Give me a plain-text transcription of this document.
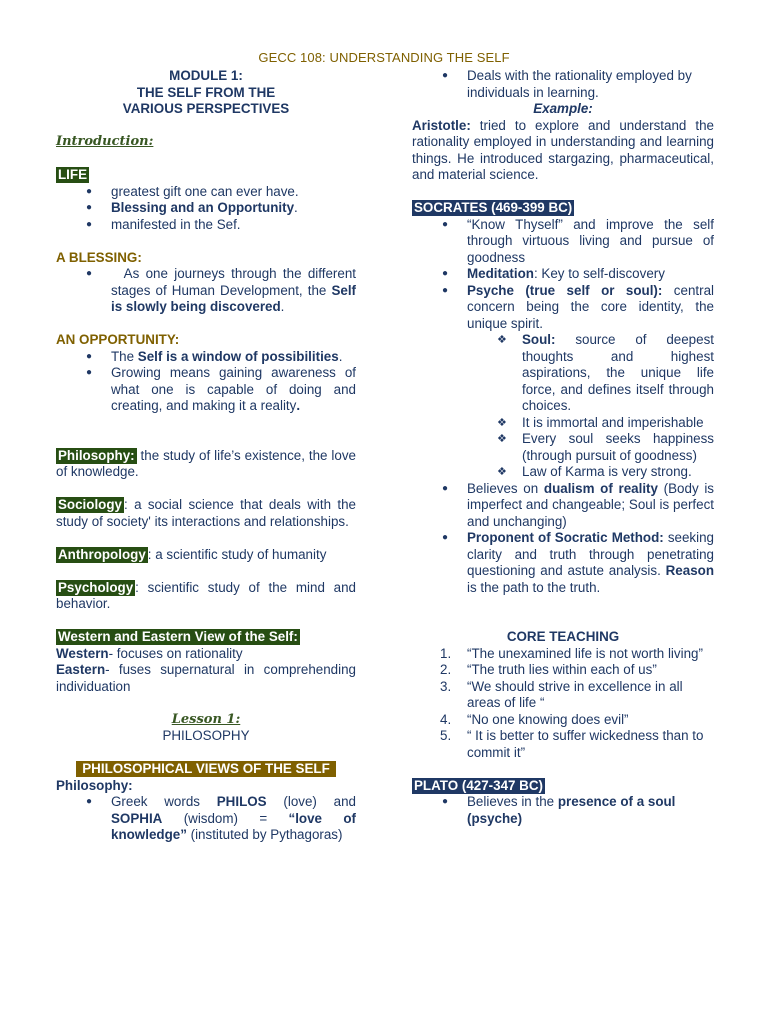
GECC 108: UNDERSTANDING THE SELF
MODULE 1:
THE SELF FROM THE VARIOUS PERSPECTIVES
Introduction:
LIFE
● greatest gift one can ever have.
● Blessing and an Opportunity.
● manifested in the Sef.
A BLESSING:
● As one journeys through the different stages of Human Development, the Self is slowly being discovered.
AN OPPORTUNITY:
● The Self is a window of possibilities.
● Growing means gaining awareness of what one is capable of doing and creating, and making it a reality.
Philosophy: the study of life’s existence, the love of knowledge.
Sociology : a social science that deals with the study of society' its interactions and relationships.
Anthropology : a scientific study of humanity
Psychology : scientific study of the mind and behavior.
Western and Eastern View of the Self:
Western- focuses on rationality
Eastern- fuses supernatural in comprehending individuation
Lesson 1:
PHILOSOPHY
PHILOSOPHICAL VIEWS OF THE SELF
Philosophy:
● Greek words PHILOS (love) and SOPHIA (wisdom) = “love of knowledge” (instituted by Pythagoras)
● Deals with the rationality employed by individuals in learning.
Example:
Aristotle: tried to explore and understand the rationality employed in understanding and learning things. He introduced stargazing, pharmaceutical, and material science.
SOCRATES (469-399 BC)
● “Know Thyself” and improve the self through virtuous living and pursue of goodness
● Meditation: Key to self-discovery
● Psyche (true self or soul): central concern being the core identity, the unique spirit.
❖ Soul: source of deepest thoughts and highest aspirations, the unique life force, and defines itself through choices.
❖ It is immortal and imperishable
❖ Every soul seeks happiness (through pursuit of goodness)
❖ Law of Karma is very strong.
● Believes on dualism of reality (Body is imperfect and changeable; Soul is perfect and unchanging)
● Proponent of Socratic Method: seeking clarity and truth through penetrating questioning and astute analysis. Reason is the path to the truth.
CORE TEACHING
1. “The unexamined life is not worth living”
2. “The truth lies within each of us”
3. “We should strive in excellence in all areas of life “
4. “No one knowing does evil”
5. “ It is better to suffer wickedness than to commit it”
PLATO (427-347 BC)
● Believes in the presence of a soul (psyche)
